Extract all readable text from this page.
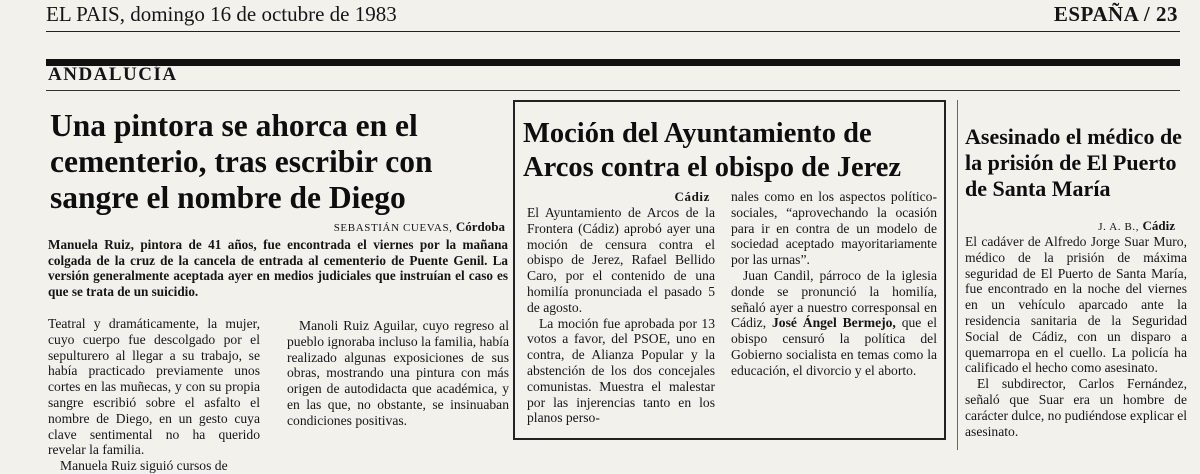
EL PAIS, domingo 16 de octubre de 1983	ESPAÑA / 23
ANDALUCÍA
Una pintora se ahorca en el cementerio, tras escribir con sangre el nombre de Diego
SEBASTIÁN CUEVAS, Córdoba
Manuela Ruiz, pintora de 41 años, fue encontrada el viernes por la mañana colgada de la cruz de la cancela de entrada al cementerio de Puente Genil. La versión generalmente aceptada ayer en medios judiciales que instruían el caso es que se trata de un suicidio.

Teatral y dramáticamente, la mujer, cuyo cuerpo fue descolgado por el sepulturero al llegar a su trabajo, se había practicado previamente unos cortes en las muñecas, y con su propia sangre escribió sobre el asfalto el nombre de Diego, en un gesto cuya clave sentimental no ha querido revelar la familia.

Manuela Ruiz siguió cursos de

Manoli Ruiz Aguilar, cuyo regreso al pueblo ignoraba incluso la familia, había realizado algunas exposiciones de sus obras, mostrando una pintura con más origen de autodidacta que académica, y en las que, no obstante, se insinuaban condiciones positivas.

Moción del Ayuntamiento de Arcos contra el obispo de Jerez
Cádiz

El Ayuntamiento de Arcos de la Frontera (Cádiz) aprobó ayer una moción de censura contra el obispo de Jerez, Rafael Bellido Caro, por el contenido de una homilía pronunciada el pasado 5 de agosto.

La moción fue aprobada por 13 votos a favor, del PSOE, uno en contra, de Alianza Popular y la abstención de los dos concejales comunistas. Muestra el malestar por las injerencias tanto en los planos perso-

nales como en los aspectos político-sociales, “aprovechando la ocasión para ir en contra de un modelo de sociedad aceptado mayoritariamente por las urnas”.

Juan Candil, párroco de la iglesia donde se pronunció la homilía, señaló ayer a nuestro corresponsal en Cádiz, José Ángel Bermejo, que el obispo censuró la política del Gobierno socialista en temas como la educación, el divorcio y el aborto.

Asesinado el médico de la prisión de El Puerto de Santa María
J. A. B., Cádiz

El cadáver de Alfredo Jorge Suar Muro, médico de la prisión de máxima seguridad de El Puerto de Santa María, fue encontrado en la noche del viernes en un vehículo aparcado ante la residencia sanitaria de la Seguridad Social de Cádiz, con un disparo a quemarropa en el cuello. La policía ha calificado el hecho como asesinato.

El subdirector, Carlos Fernández, señaló que Suar era un hombre de carácter dulce, no pudiéndose explicar el asesinato.
